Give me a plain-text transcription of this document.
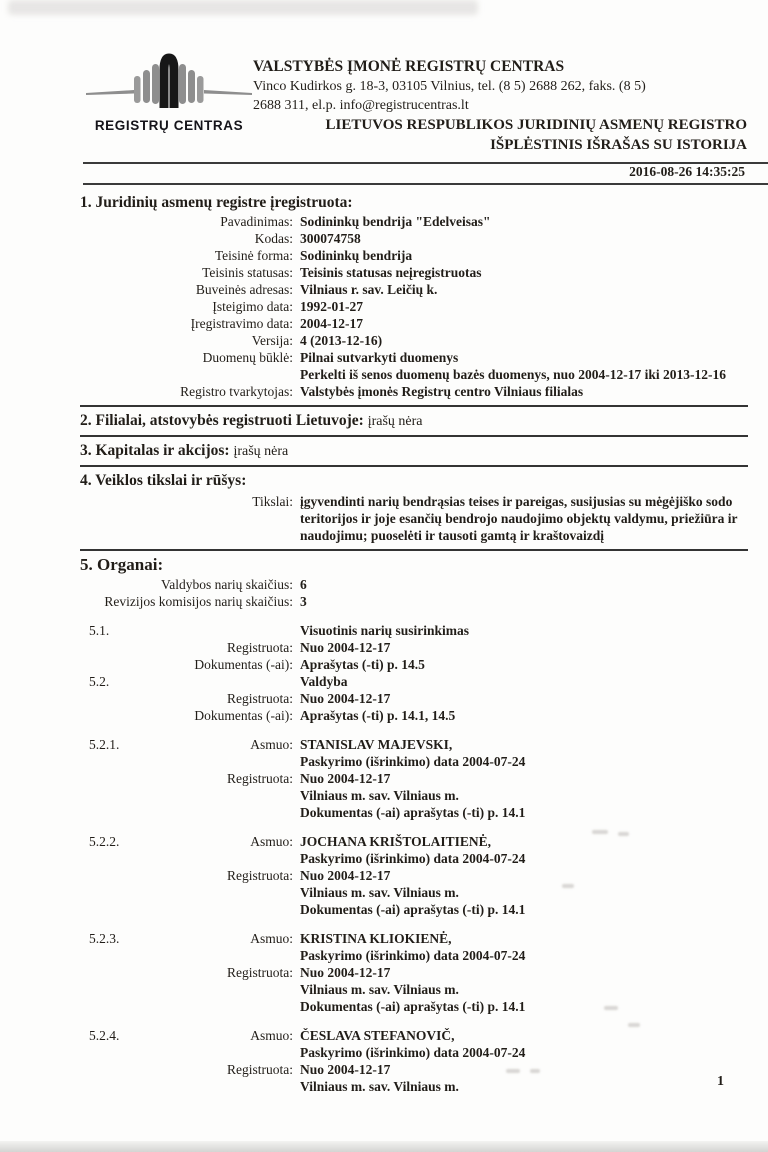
REGISTRŲ CENTRAS
VALSTYBĖS ĮMONĖ REGISTRŲ CENTRAS
Vinco Kudirkos g. 18-3, 03105 Vilnius, tel. (8 5) 2688 262, faks. (8 5)
2688 311, el.p. info@registrucentras.lt
LIETUVOS RESPUBLIKOS JURIDINIŲ ASMENŲ REGISTRO
IŠPLĖSTINIS IŠRAŠAS SU ISTORIJA
2016-08-26 14:35:25
1. Juridinių asmenų registre įregistruota:
Pavadinimas: Sodininkų bendrija "Edelveisas"
Kodas: 300074758
Teisinė forma: Sodininkų bendrija
Teisinis statusas: Teisinis statusas neįregistruotas
Buveinės adresas: Vilniaus r. sav. Leičių k.
Įsteigimo data: 1992-01-27
Įregistravimo data: 2004-12-17
Versija: 4 (2013-12-16)
Duomenų būklė: Pilnai sutvarkyti duomenys
Perkelti iš senos duomenų bazės duomenys, nuo 2004-12-17 iki 2013-12-16
Registro tvarkytojas: Valstybės įmonės Registrų centro Vilniaus filialas
2. Filialai, atstovybės registruoti Lietuvoje: įrašų nėra
3. Kapitalas ir akcijos: įrašų nėra
4. Veiklos tikslai ir rūšys:
Tikslai: įgyvendinti narių bendrąsias teises ir pareigas, susijusias su mėgėjiško sodo teritorijos ir joje esančių bendrojo naudojimo objektų valdymu, priežiūra ir naudojimu; puoselėti ir tausoti gamtą ir kraštovaizdį
5. Organai:
Valdybos narių skaičius: 6
Revizijos komisijos narių skaičius: 3
5.1.	Visuotinis narių susirinkimas
Registruota: Nuo 2004-12-17
Dokumentas (-ai): Aprašytas (-ti) p. 14.5
5.2.	Valdyba
Registruota: Nuo 2004-12-17
Dokumentas (-ai): Aprašytas (-ti) p. 14.1, 14.5
5.2.1.	Asmuo: STANISLAV MAJEVSKI,
Paskyrimo (išrinkimo) data 2004-07-24
Registruota: Nuo 2004-12-17
Vilniaus m. sav. Vilniaus m.
Dokumentas (-ai) aprašytas (-ti) p. 14.1
5.2.2.	Asmuo: JOCHANA KRIŠTOLAITIENĖ,
Paskyrimo (išrinkimo) data 2004-07-24
Registruota: Nuo 2004-12-17
Vilniaus m. sav. Vilniaus m.
Dokumentas (-ai) aprašytas (-ti) p. 14.1
5.2.3.	Asmuo: KRISTINA KLIOKIENĖ,
Paskyrimo (išrinkimo) data 2004-07-24
Registruota: Nuo 2004-12-17
Vilniaus m. sav. Vilniaus m.
Dokumentas (-ai) aprašytas (-ti) p. 14.1
5.2.4.	Asmuo: ČESLAVA STEFANOVIČ,
Paskyrimo (išrinkimo) data 2004-07-24
Registruota: Nuo 2004-12-17
Vilniaus m. sav. Vilniaus m.	1
